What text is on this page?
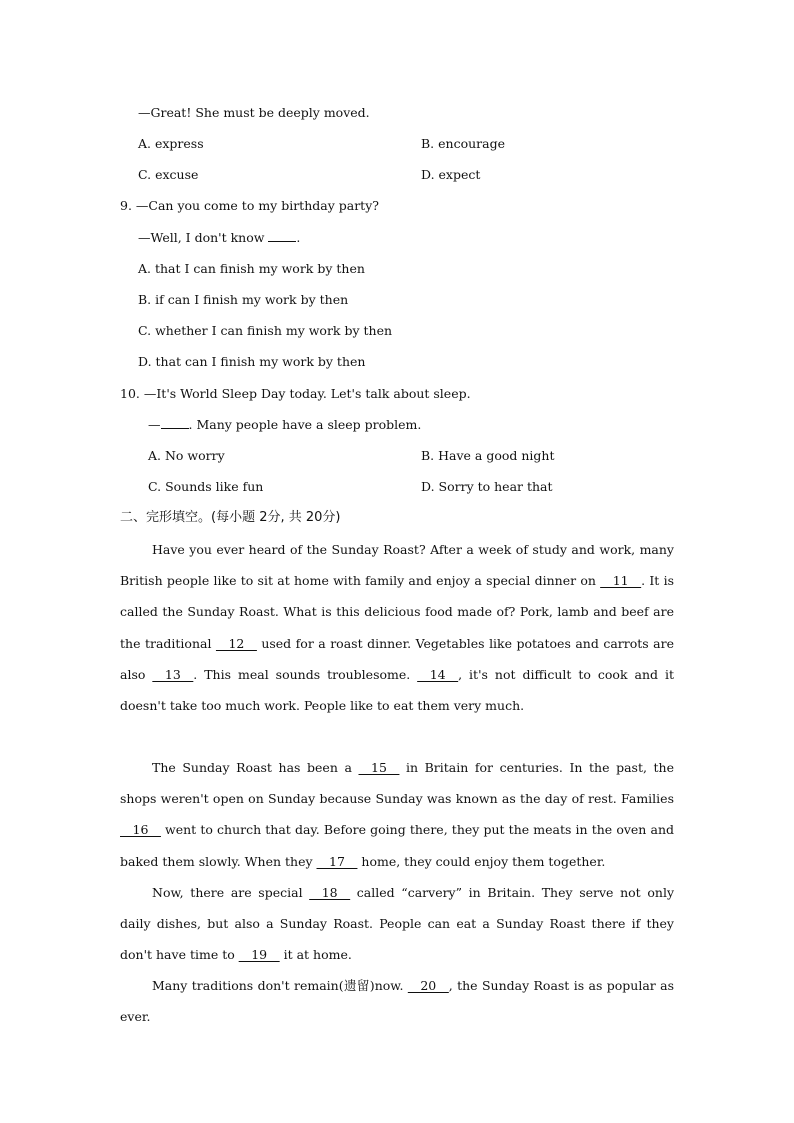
—Great! She must be deeply moved.
A. express	B. encourage
C. excuse	D. expect
9. —Can you come to my birthday party?
—Well, I don't know .
A. that I can finish my work by then
B. if can I finish my work by then
C. whether I can finish my work by then
D. that can I finish my work by then
10. —It's World Sleep Day today. Let's talk about sleep.
— . Many people have a sleep problem.
A. No worry	B. Have a good night
C. Sounds like fun	D. Sorry to hear that
二、完形填空。(每小题 2分, 共 20分)
Have you ever heard of the Sunday Roast? After a week of study and work, many British people like to sit at home with family and enjoy a special dinner on __11__. It is called the Sunday Roast. What is this delicious food made of? Pork, lamb and beef are the traditional __12__ used for a roast dinner. Vegetables like potatoes and carrots are also __13__. This meal sounds troublesome. __14__, it's not difficult to cook and it doesn't take too much work. People like to eat them very much.
The Sunday Roast has been a __15__ in Britain for centuries. In the past, the shops weren't open on Sunday because Sunday was known as the day of rest. Families __16__ went to church that day. Before going there, they put the meats in the oven and baked them slowly. When they __17__ home, they could enjoy them together.
Now, there are special __18__ called “carvery” in Britain. They serve not only daily dishes, but also a Sunday Roast. People can eat a Sunday Roast there if they don't have time to __19__ it at home.
Many traditions don't remain(遗留)now. __20__, the Sunday Roast is as popular as ever.
